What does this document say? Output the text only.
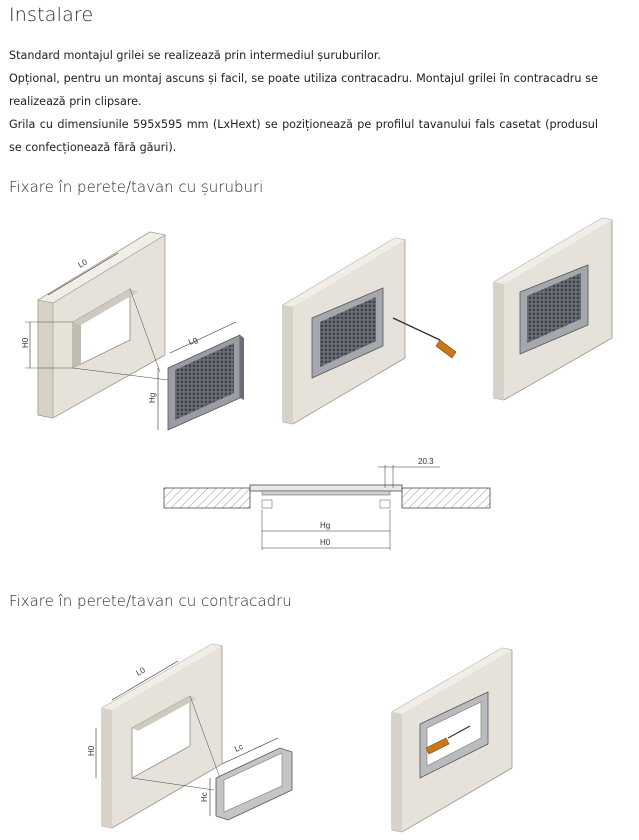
Instalare

Standard montajul grilei se realizează prin intermediul șuruburilor.

Opțional, pentru un montaj ascuns și facil, se poate utiliza contracadru. Montajul grilei în contracadru se realizează prin clipsare.

Grila cu dimensiunile 595x595 mm (LxHext) se poziționează pe profilul tavanului fals casetat (produsul se confecționează fără găuri).

Fixare în perete/tavan cu șuruburi
Fixare în perete/tavan cu contracadru
L0
H0	Lg
Hg
20.3
Hg
H0
L0
H0	Lc
Hc
